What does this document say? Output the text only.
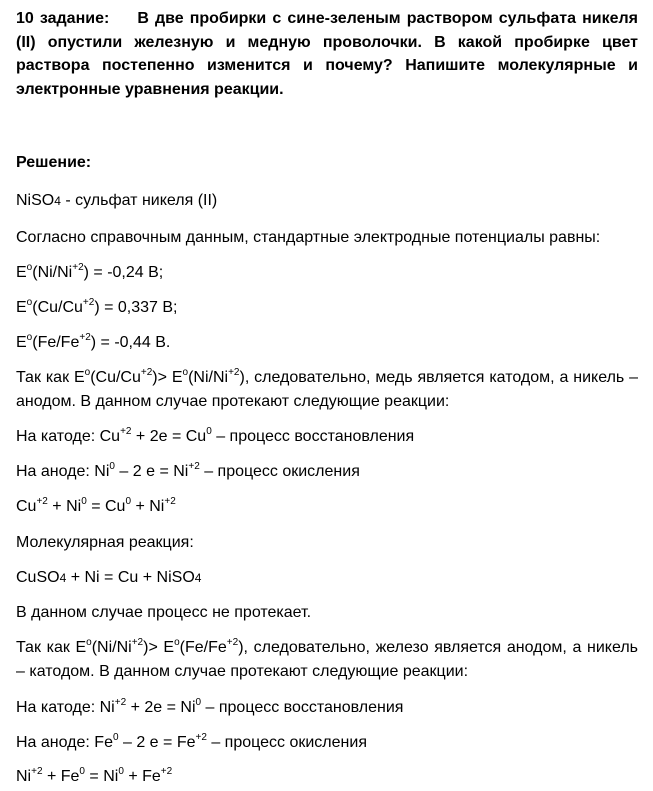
10 задание: В две пробирки с сине-зеленым раствором сульфата никеля (II) опустили железную и медную проволочки. В какой пробирке цвет раствора постепенно изменится и почему? Напишите молекулярные и электронные уравнения реакции.
Решение:
NiSO4 - сульфат никеля (II)
Согласно справочным данным, стандартные электродные потенциалы равны:
$E^o(Ni/Ni^{+2}) = -0,24$ В;
$E^o(Cu/Cu^{+2}) = 0,337$ В;
$E^o(Fe/Fe^{+2}) = -0,44$ В.
Так как $E^o(Cu/Cu^{+2})> E^o(Ni/Ni^{+2})$, следовательно, медь является катодом, а никель – анодом. В данном случае протекают следующие реакции:
На катоде: $Cu^{+2} + 2е = Cu^0$ – процесс восстановления
На аноде: Ni$^0$ – 2 $е = Ni^{+2}$ – процесс окисления
$Cu^{+2} + Ni^0 = Cu^0 + Ni^{+2}$
Молекулярная реакция:
CuSO4 + Ni = Cu + NiSO4
В данном случае процесс не протекает.
Так как $E^o(Ni/Ni^{+2})> E^o(Fe/Fe^{+2})$, следовательно, железо является анодом, а никель – катодом. В данном случае протекают следующие реакции:
На катоде: $Ni^{+2} + 2е = Ni^0$ – процесс восстановления
На аноде: Fe$^0$ – 2 $е = Fe^{+2}$ – процесс окисления
$Ni^{+2} + Fe^0 = Ni^0 + Fe^{+2}$
